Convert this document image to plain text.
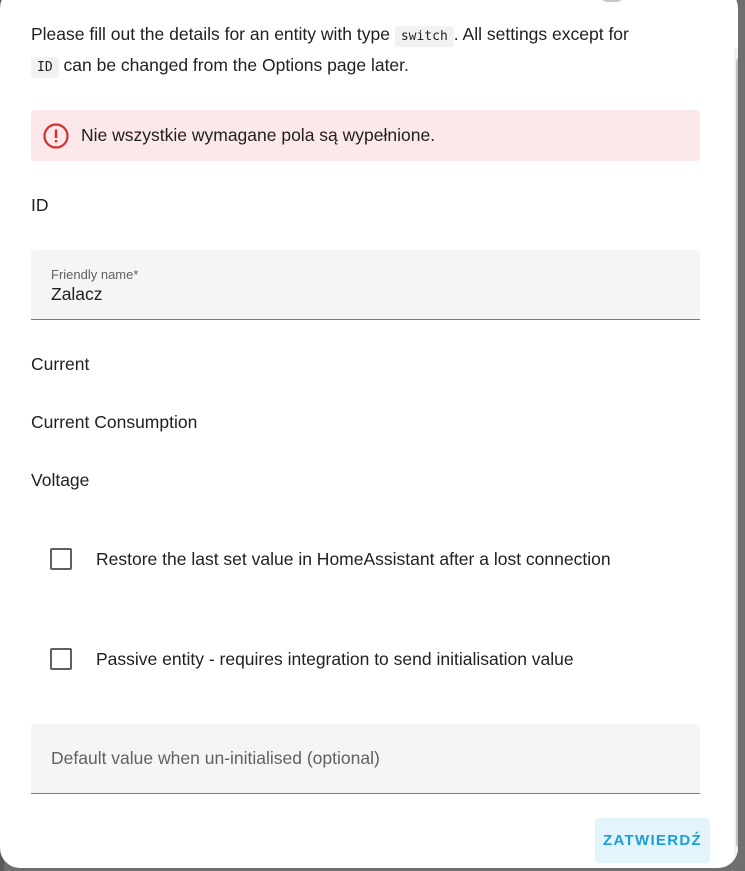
Please fill out the details for an entity with type switch . All settings except for
ID can be changed from the Options page later.
Nie wszystkie wymagane pola są wypełnione.
ID
Friendly name*
Zalacz
Current
Current Consumption
Voltage
Restore the last set value in HomeAssistant after a lost connection
Passive entity - requires integration to send initialisation value
Default value when un-initialised (optional)
ZATWIERDŹ
